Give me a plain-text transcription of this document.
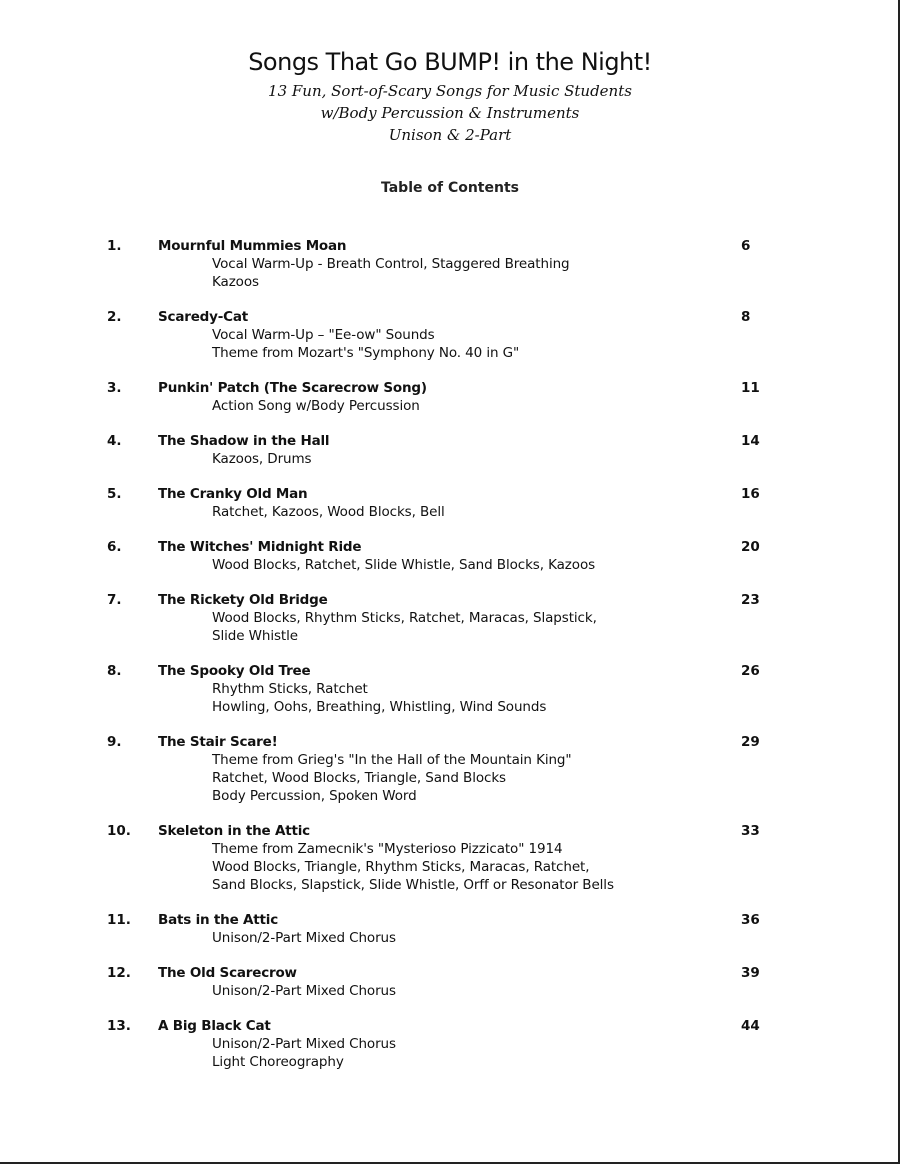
Songs That Go BUMP! in the Night!

13 Fun, Sort-of-Scary Songs for Music Students

w/Body Percussion & Instruments

Unison & 2-Part

Table of Contents
1.	Mournful Mummies Moan	6
Vocal Warm-Up - Breath Control, Staggered Breathing
Kazoos
2.	Scaredy-Cat	8
Vocal Warm-Up – "Ee-ow" Sounds
Theme from Mozart's "Symphony No. 40 in G"
3.	Punkin' Patch (The Scarecrow Song)	11
Action Song w/Body Percussion
4.	The Shadow in the Hall	14
Kazoos, Drums
5.	The Cranky Old Man	16
Ratchet, Kazoos, Wood Blocks, Bell
6.	The Witches' Midnight Ride	20
Wood Blocks, Ratchet, Slide Whistle, Sand Blocks, Kazoos
7.	The Rickety Old Bridge	23
Wood Blocks, Rhythm Sticks, Ratchet, Maracas, Slapstick,
Slide Whistle
8.	The Spooky Old Tree	26
Rhythm Sticks, Ratchet
Howling, Oohs, Breathing, Whistling, Wind Sounds
9.	The Stair Scare!	29
Theme from Grieg's "In the Hall of the Mountain King"
Ratchet, Wood Blocks, Triangle, Sand Blocks
Body Percussion, Spoken Word
10. Skeleton in the Attic	33
Theme from Zamecnik's "Mysterioso Pizzicato" 1914
Wood Blocks, Triangle, Rhythm Sticks, Maracas, Ratchet,
Sand Blocks, Slapstick, Slide Whistle, Orff or Resonator Bells
11. Bats in the Attic	36
Unison/2-Part Mixed Chorus
12. The Old Scarecrow	39
Unison/2-Part Mixed Chorus
13. A Big Black Cat	44
Unison/2-Part Mixed Chorus
Light Choreography
